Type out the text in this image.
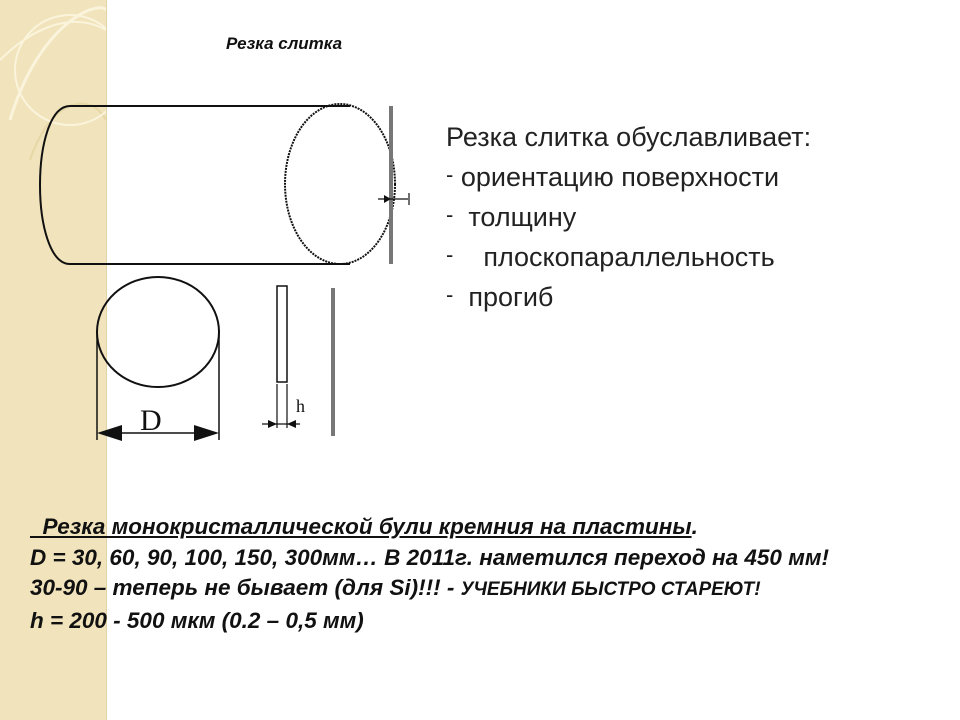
Резка слитка
D	h
Резка слитка обуславливает:
- ориентацию поверхности
- толщину
- плоскопараллельность
- прогиб

Резка монокристаллической були кремния на пластины.

D = 30, 60, 90, 100, 150, 300мм… В 2011г. наметился переход на 450 мм!

30-90 – теперь не бывает (для Si)!!! - УЧЕБНИКИ БЫСТРО СТАРЕЮТ!

h = 200 - 500 мкм (0.2 – 0,5 мм)
